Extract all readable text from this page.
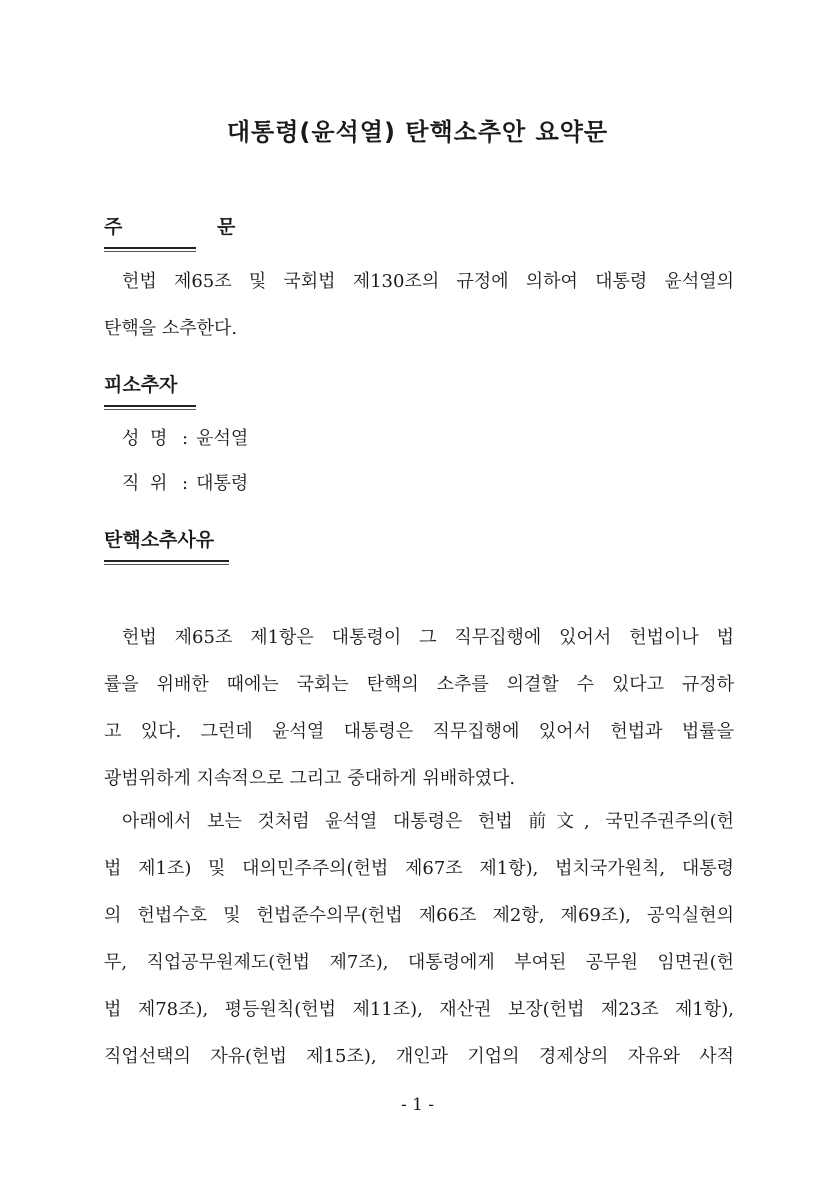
대통령(윤석열) 탄핵소추안 요약문
주 문
헌법 제65조 및 국회법 제130조의 규정에 의하여 대통령 윤석열의
탄핵을 소추한다.
피소추자
성 명 : 윤석열
직 위 : 대통령
탄핵소추사유
헌법 제65조 제1항은 대통령이 그 직무집행에 있어서 헌법이나 법
률을 위배한 때에는 국회는 탄핵의 소추를 의결할 수 있다고 규정하
고 있다. 그런데 윤석열 대통령은 직무집행에 있어서 헌법과 법률을
광범위하게 지속적으로 그리고 중대하게 위배하였다.
아래에서 보는 것처럼 윤석열 대통령은 헌법 前文, 국민주권주의(헌
법 제1조) 및 대의민주주의(헌법 제67조 제1항), 법치국가원칙, 대통령
의 헌법수호 및 헌법준수의무(헌법 제66조 제2항, 제69조), 공익실현의
무, 직업공무원제도(헌법 제7조), 대통령에게 부여된 공무원 임면권(헌
법 제78조), 평등원칙(헌법 제11조), 재산권 보장(헌법 제23조 제1항),
직업선택의 자유(헌법 제15조), 개인과 기업의 경제상의 자유와 사적
- 1 -
